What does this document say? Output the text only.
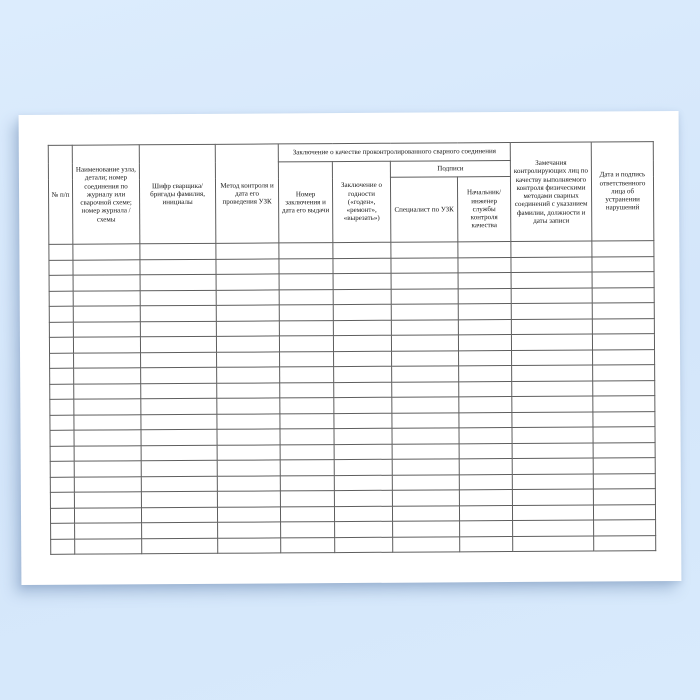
№ п/п	Наименование узла, детали; номер соединения по журналу или сварочной схеме; номер журнала /схемы	Шифр сварщика/бригады фамилия, инициалы	Метод контроля и дата его проведения УЗК	Заключение о качестве проконтролированного сварного соединения				Замечания контролирующих лиц по качеству выполняемого контроля физическими методами сварных соединений с указанием фамилии, должности и даты записи	Дата и подпись ответственного лица об устранении нарушений
				Номер заключения и дата его выдачи	Заключение о годности («годен», «ремонт», «вырезать»)	Подписи			
						Специалист по УЗК	Начальник/ инженер службы контроля качества		
